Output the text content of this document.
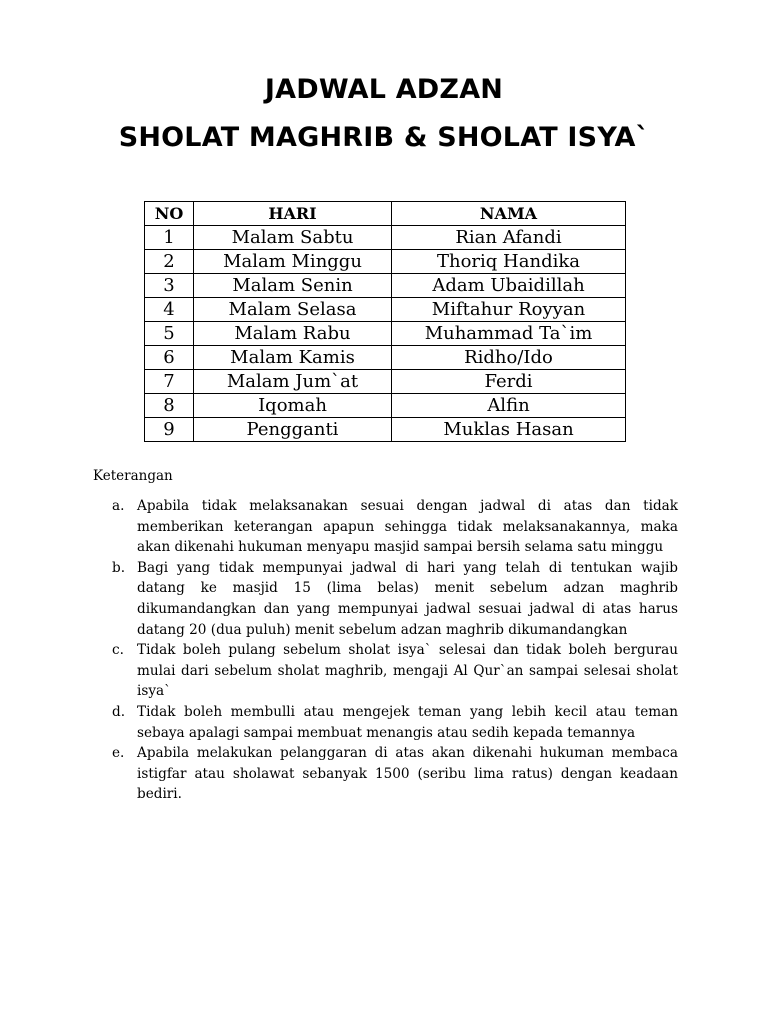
JADWAL ADZAN
SHOLAT MAGHRIB & SHOLAT ISYA`
NO	HARI	NAMA
1	Malam Sabtu	Rian Afandi
2	Malam Minggu	Thoriq Handika
3	Malam Senin	Adam Ubaidillah
4	Malam Selasa	Miftahur Royyan
5	Malam Rabu	Muhammad Ta`im
6	Malam Kamis	Ridho/Ido
7	Malam Jum`at	Ferdi
8	Iqomah	Alfin
9	Pengganti	Muklas Hasan
Keterangan
a. Apabila tidak melaksanakan sesuai dengan jadwal di atas dan tidak memberikan keterangan apapun sehingga tidak melaksanakannya, maka akan dikenahi hukuman menyapu masjid sampai bersih selama satu minggu
b. Bagi yang tidak mempunyai jadwal di hari yang telah di tentukan wajib datang ke masjid 15 (lima belas) menit sebelum adzan maghrib dikumandangkan dan yang mempunyai jadwal sesuai jadwal di atas harus datang 20 (dua puluh) menit sebelum adzan maghrib dikumandangkan
c. Tidak boleh pulang sebelum sholat isya` selesai dan tidak boleh bergurau mulai dari sebelum sholat maghrib, mengaji Al Qur`an sampai selesai sholat isya`
d. Tidak boleh membulli atau mengejek teman yang lebih kecil atau teman sebaya apalagi sampai membuat menangis atau sedih kepada temannya
e. Apabila melakukan pelanggaran di atas akan dikenahi hukuman membaca istigfar atau sholawat sebanyak 1500 (seribu lima ratus) dengan keadaan bediri.
